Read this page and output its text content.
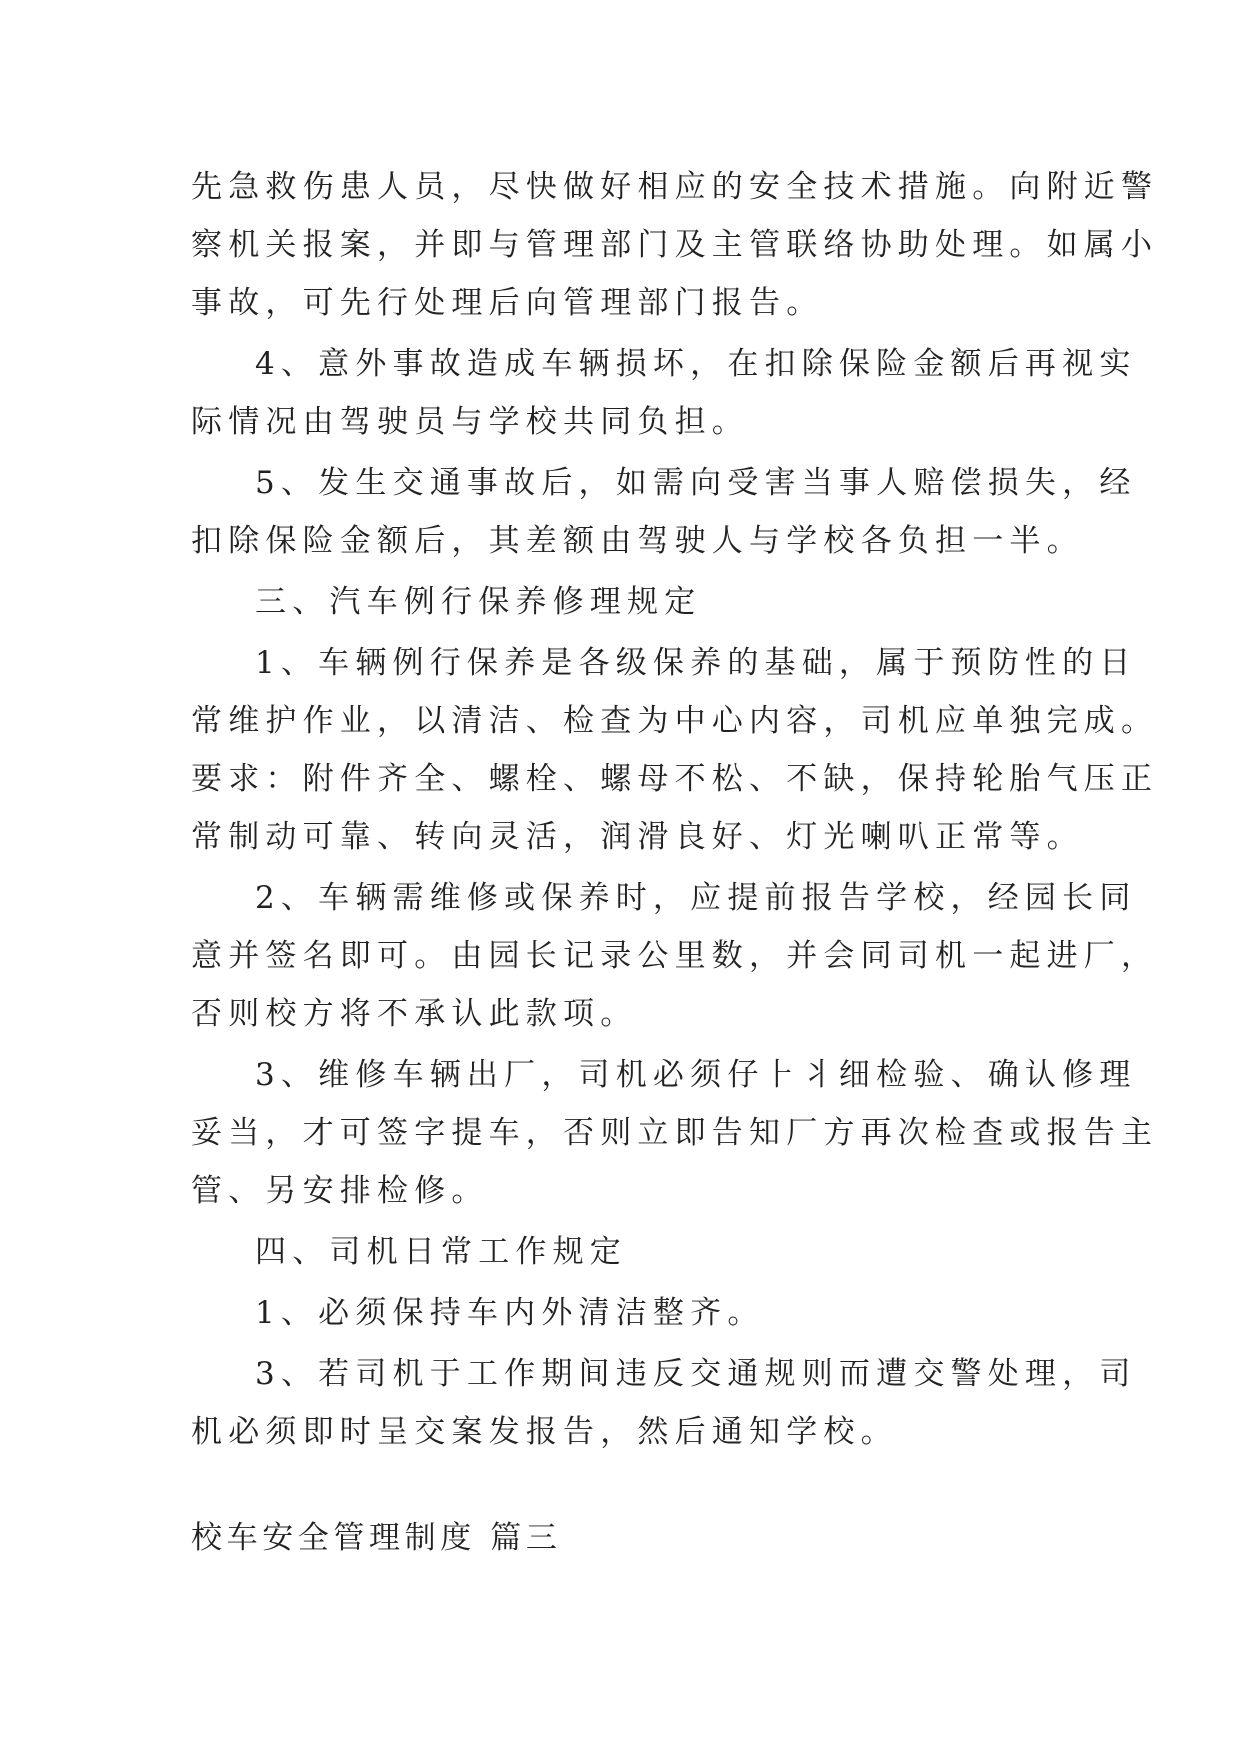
先急救伤患人员，尽快做好相应的安全技术措施。向附近警
察机关报案，并即与管理部门及主管联络协助处理。如属小
事故，可先行处理后向管理部门报告。
4、意外事故造成车辆损坏，在扣除保险金额后再视实
际情况由驾驶员与学校共同负担。
5、发生交通事故后，如需向受害当事人赔偿损失，经
扣除保险金额后，其差额由驾驶人与学校各负担一半。
三、汽车例行保养修理规定
1、车辆例行保养是各级保养的基础，属于预防性的日
常维护作业，以清洁、检查为中心内容，司机应单独完成。
要求：附件齐全、螺栓、螺母不松、不缺，保持轮胎气压正
常制动可靠、转向灵活，润滑良好、灯光喇叭正常等。
2、车辆需维修或保养时，应提前报告学校，经园长同
意并签名即可。由园长记录公里数，并会同司机一起进厂，
否则校方将不承认此款项。
3、维修车辆出厂，司机必须仔⺊⺦细检验、确认修理
妥当，才可签字提车，否则立即告知厂方再次检查或报告主
管、另安排检修。
四、司机日常工作规定
1、必须保持车内外清洁整齐。
3、若司机于工作期间违反交通规则而遭交警处理，司
机必须即时呈交案发报告，然后通知学校。
校车安全管理制度 篇三
